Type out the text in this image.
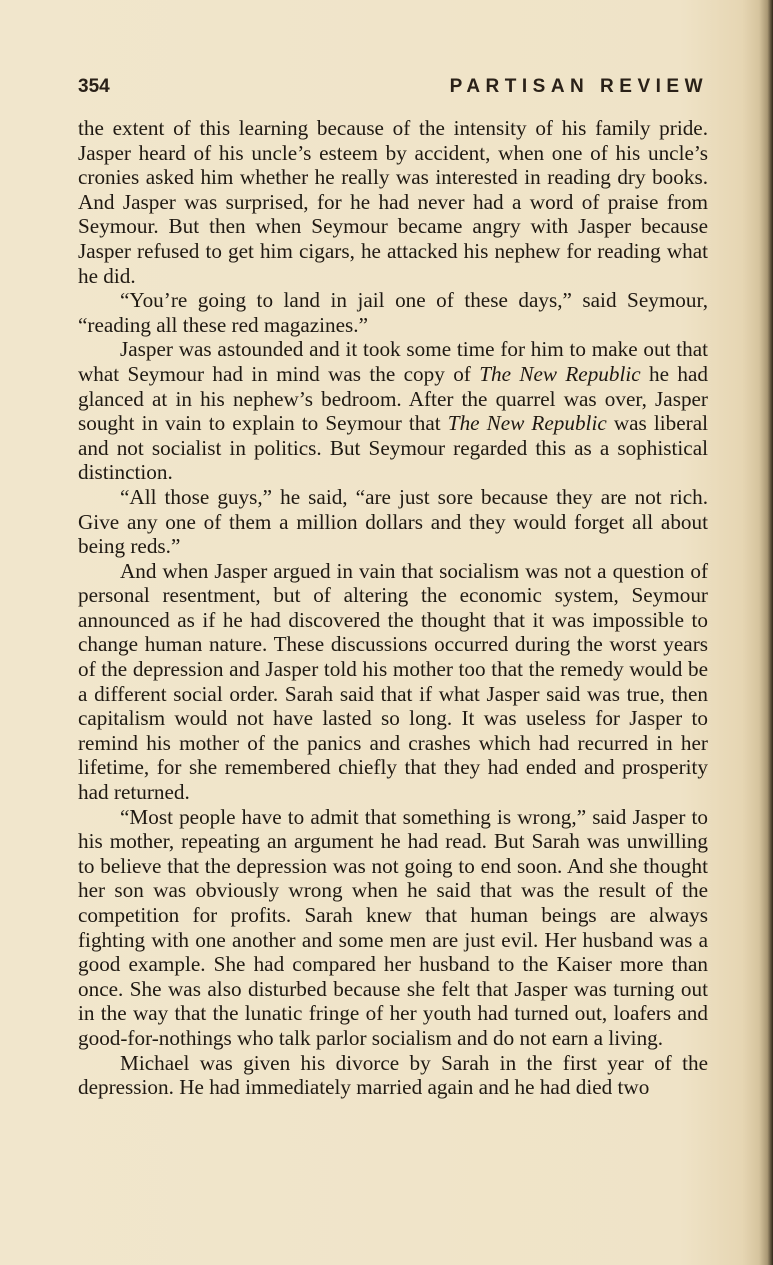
354	PARTISAN REVIEW

the extent of this learning because of the intensity of his family pride. Jasper heard of his uncle’s esteem by accident, when one of his uncle’s cronies asked him whether he really was interested in reading dry books. And Jasper was surprised, for he had never had a word of praise from Seymour. But then when Seymour became angry with Jasper because Jasper refused to get him cigars, he attacked his nephew for reading what he did.

“You’re going to land in jail one of these days,” said Seymour, “reading all these red magazines.”

Jasper was astounded and it took some time for him to make out that what Seymour had in mind was the copy of The New Republic he had glanced at in his nephew’s bedroom. After the quarrel was over, Jasper sought in vain to explain to Seymour that The New Republic was liberal and not socialist in politics. But Seymour regarded this as a sophistical distinction.

“All those guys,” he said, “are just sore because they are not rich. Give any one of them a million dollars and they would forget all about being reds.”

And when Jasper argued in vain that socialism was not a question of personal resentment, but of altering the economic system, Seymour announced as if he had discovered the thought that it was impossible to change human nature. These discussions occurred during the worst years of the depression and Jasper told his mother too that the remedy would be a different social order. Sarah said that if what Jasper said was true, then capitalism would not have lasted so long. It was useless for Jasper to remind his mother of the panics and crashes which had recurred in her lifetime, for she remembered chiefly that they had ended and prosperity had returned.

“Most people have to admit that something is wrong,” said Jasper to his mother, repeating an argument he had read. But Sarah was unwilling to believe that the depression was not going to end soon. And she thought her son was obviously wrong when he said that was the result of the competition for profits. Sarah knew that human beings are always fighting with one another and some men are just evil. Her husband was a good example. She had compared her husband to the Kaiser more than once. She was also disturbed because she felt that Jasper was turning out in the way that the lunatic fringe of her youth had turned out, loafers and good-for-nothings who talk parlor socialism and do not earn a living.

Michael was given his divorce by Sarah in the first year of the depression. He had immediately married again and he had died two
